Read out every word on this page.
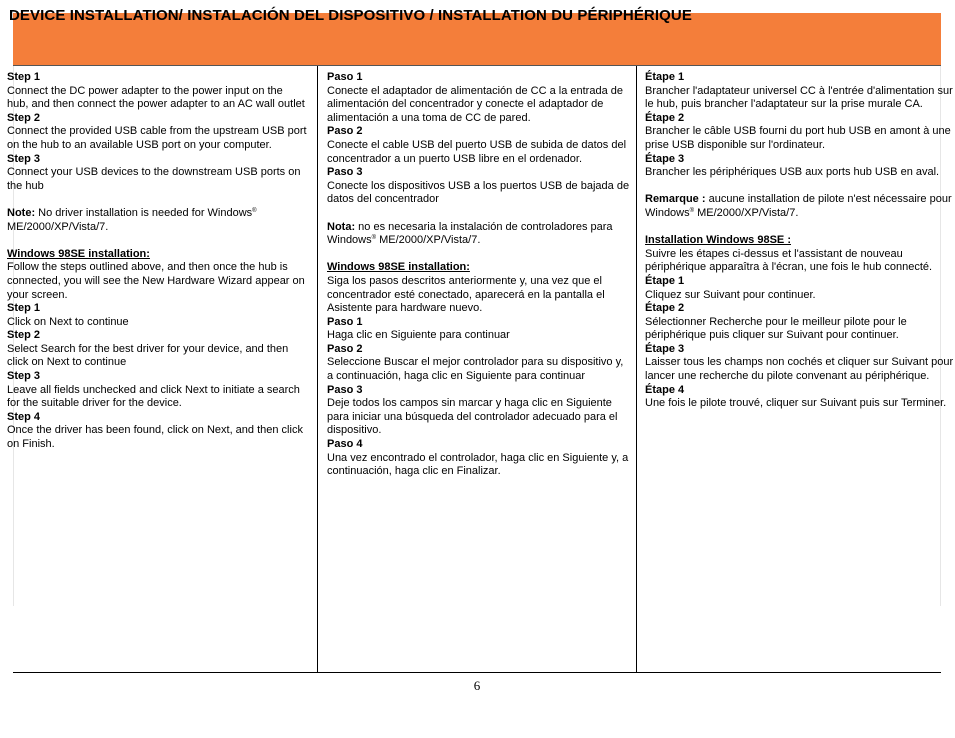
DEVICE INSTALLATION/ INSTALACIÓN DEL DISPOSITIVO / INSTALLATION DU PÉRIPHÉRIQUE
Step 1

Connect the DC power adapter to the power input on the hub, and then connect the power adapter to an AC wall outlet

Step 2

Connect the provided USB cable from the upstream USB port on the hub to an available USB port on your computer.

Step 3

Connect your USB devices to the downstream USB ports on the hub

Note: No driver installation is needed for Windows® ME/2000/XP/Vista/7.

Windows 98SE installation:

Follow the steps outlined above, and then once the hub is connected, you will see the New Hardware Wizard appear on your screen.

Step 1

Click on Next to continue

Step 2

Select Search for the best driver for your device, and then click on Next to continue

Step 3

Leave all fields unchecked and click Next to initiate a search for the suitable driver for the device.

Step 4

Once the driver has been found, click on Next, and then click on Finish.

Paso 1

Conecte el adaptador de alimentación de CC a la entrada de alimentación del concentrador y conecte el adaptador de alimentación a una toma de CC de pared.

Paso 2

Conecte el cable USB del puerto USB de subida de datos del concentrador a un puerto USB libre en el ordenador.

Paso 3

Conecte los dispositivos USB a los puertos USB de bajada de datos del concentrador

Nota: no es necesaria la instalación de controladores para Windows® ME/2000/XP/Vista/7.

Windows 98SE installation:

Siga los pasos descritos anteriormente y, una vez que el concentrador esté conectado, aparecerá en la pantalla el Asistente para hardware nuevo.

Paso 1

Haga clic en Siguiente para continuar

Paso 2

Seleccione Buscar el mejor controlador para su dispositivo y, a continuación, haga clic en Siguiente para continuar

Paso 3

Deje todos los campos sin marcar y haga clic en Siguiente para iniciar una búsqueda del controlador adecuado para el dispositivo.

Paso 4

Una vez encontrado el controlador, haga clic en Siguiente y, a continuación, haga clic en Finalizar.

Étape 1

Brancher l'adaptateur universel CC à l'entrée d'alimentation sur le hub, puis brancher l'adaptateur sur la prise murale CA.

Étape 2

Brancher le câble USB fourni du port hub USB en amont à une prise USB disponible sur l'ordinateur.

Étape 3

Brancher les périphériques USB aux ports hub USB en aval.

Remarque : aucune installation de pilote n'est nécessaire pour Windows® ME/2000/XP/Vista/7.

Installation Windows 98SE :

Suivre les étapes ci-dessus et l'assistant de nouveau périphérique apparaîtra à l'écran, une fois le hub connecté.

Étape 1

Cliquez sur Suivant pour continuer.

Étape 2

Sélectionner Recherche pour le meilleur pilote pour le périphérique puis cliquer sur Suivant pour continuer.

Étape 3

Laisser tous les champs non cochés et cliquer sur Suivant pour lancer une recherche du pilote convenant au périphérique.

Étape 4

Une fois le pilote trouvé, cliquer sur Suivant puis sur Terminer.

6
